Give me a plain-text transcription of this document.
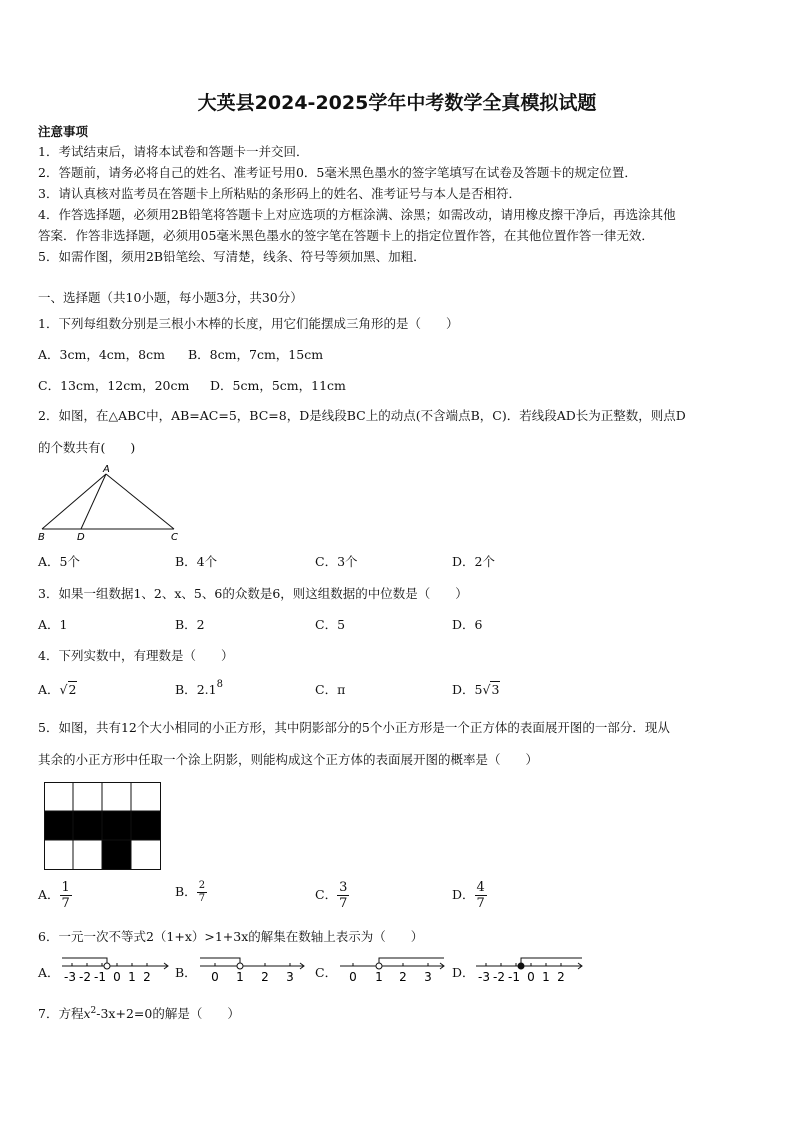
大英县2024-2025学年中考数学全真模拟试题
注意事项
1．考试结束后，请将本试卷和答题卡一并交回．
2．答题前，请务必将自己的姓名、准考证号用0．5毫米黑色墨水的签字笔填写在试卷及答题卡的规定位置．
3．请认真核对监考员在答题卡上所粘贴的条形码上的姓名、准考证号与本人是否相符．
4．作答选择题，必须用2B铅笔将答题卡上对应选项的方框涂满、涂黑；如需改动，请用橡皮擦干净后，再选涂其他
答案．作答非选择题，必须用05毫米黑色墨水的签字笔在答题卡上的指定位置作答，在其他位置作答一律无效．
5．如需作图，须用2B铅笔绘、写清楚，线条、符号等须加黑、加粗．
一、选择题（共10小题，每小题3分，共30分）
1．下列每组数分别是三根小木棒的长度，用它们能摆成三角形的是（　　）
A．3cm，4cm，8cm B．8cm，7cm，15cm
C．13cm，12cm，20cm D．5cm，5cm，11cm
2．如图，在△ABC中，AB=AC=5，BC=8，D是线段BC上的动点(不含端点B，C)．若线段AD长为正整数，则点D
的个数共有(　　)
A
B	D	C
A．5个	B．4个	C．3个	D．2个
3．如果一组数据1、2、x、5、6的众数是6，则这组数据的中位数是（　　）
A．1	B．2	C．5	D．6
4．下列实数中，有理数是（　　）
A．√2	B．$2.1^8$	C．π	D．5√3
5．如图，共有12个大小相同的小正方形，其中阴影部分的5个小正方形是一个正方体的表面展开图的一部分．现从
其余的小正方形中任取一个涂上阴影，则能构成这个正方体的表面展开图的概率是（　　）
A． $\frac{1}{7}$	B． $\frac{2}{7}$	C． $\frac{3}{7}$	D． $\frac{4}{7}$
6．一元一次不等式2（1+x）>1+3x的解集在数轴上表示为（　　）
A． -3 -2 -1 0 1 2 B． 0 1 2 3 C． 0 1 2 3 D． -3 -2 -1 0 1 2
7．方程$x^2-3x+2=0$的解是（　　）
